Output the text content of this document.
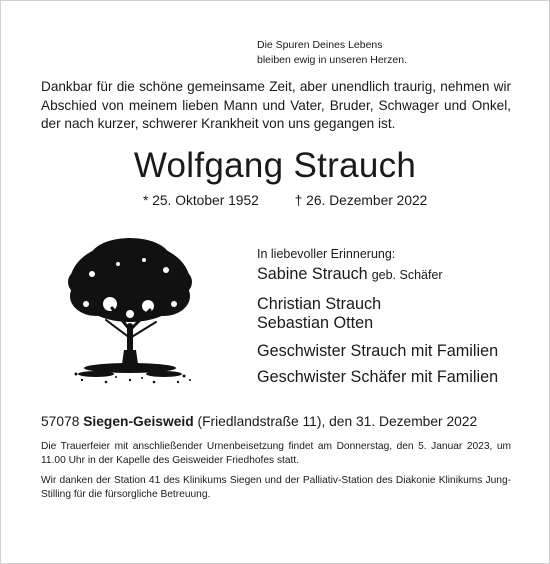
Die Spuren Deines Lebens
bleiben ewig in unseren Herzen.
Dankbar für die schöne gemeinsame Zeit, aber unendlich traurig, nehmen wir Abschied von meinem lieben Mann und Vater, Bruder, Schwager und Onkel, der nach kurzer, schwerer Krankheit von uns gegangen ist.
Wolfgang Strauch
* 25. Oktober 1952	† 26. Dezember 2022
In liebevoller Erinnerung:
Sabine Strauch geb. Schäfer
Christian Strauch
Sebastian Otten
Geschwister Strauch mit Familien
Geschwister Schäfer mit Familien
57078 Siegen-Geisweid (Friedlandstraße 11), den 31. Dezember 2022
Die Trauerfeier mit anschließender Urnenbeisetzung findet am Donnerstag, den 5. Januar 2023, um 11.00 Uhr in der Kapelle des Geisweider Friedhofes statt.
Wir danken der Station 41 des Klinikums Siegen und der Palliativ-Station des Diakonie Klinikums Jung-Stilling für die fürsorgliche Betreuung.
